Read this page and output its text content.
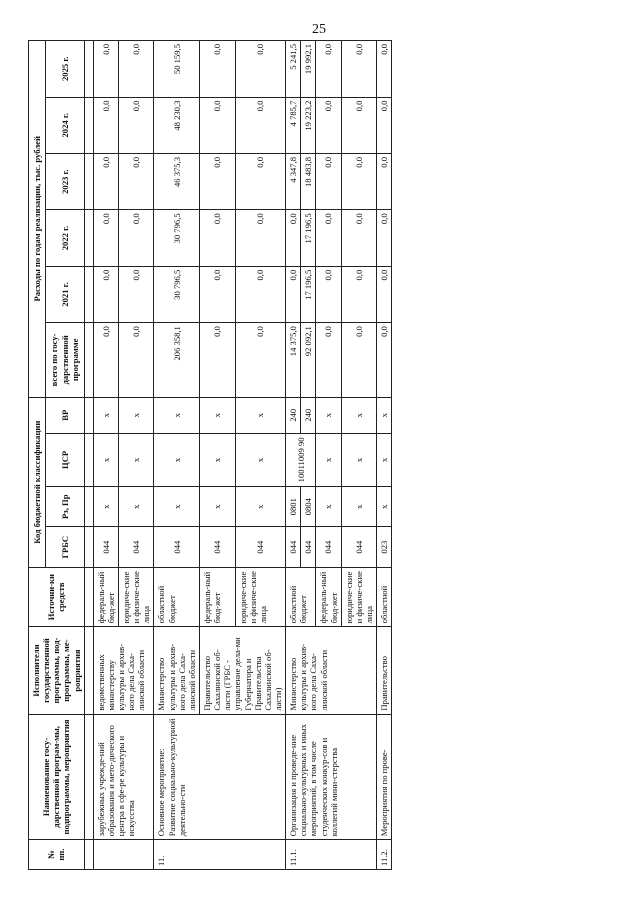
25
№ пп.	Наименование госу-дарственной програм-мы, подпрограммы, мероприятия	Исполнители государственной программы, под-программы, ме-роприятия	Источни-ки средств	Код бюджетной классификации				Расходы по годам реализации, тыс. рублей					
				ГРБС	Рз, Пр	ЦСР	ВР	всего по госу-дарственной программе	2021 г.	2022 г.	2023 г.	2024 г.	2025 г.

	зарубежных учрежде-ний образования и мето-дического центра в сфе-ре культуры и искусства	ведомственных министерству культуры и архив-ного дела Саха-линской области	федераль-ный бюд-жет	044	x	x	x	0,0	0,0	0,0	0,0	0,0	0,0
			юридиче-ские и физиче-ские лица	044	x	x	x	0,0	0,0	0,0	0,0	0,0	0,0
11.	Основное мероприятие: Развитие социально-культурной деятельно-сти	Министерство культуры и архив-ного дела Саха-линской области	областной бюджет	044	x	x	x	206 358,1	30 796,5	30 796,5	46 375,3	48 230,3	50 159,5
		Правительство Сахалинской об-ласти (ГРБС - управление дела-ми Губернатора и Правительства Сахалинской об-ласти)	федераль-ный бюд-жет	044	x	x	x	0,0	0,0	0,0	0,0	0,0	0,0
			юридиче-ские и физиче-ские лица	044	x	x	x	0,0	0,0	0,0	0,0	0,0	0,0
11.1.	Организация и проведе-ние социально-культурных и иных мероприятий, в том числе студенческих конкур-сов и коллегий мини-стерства	Министерство культуры и архив-ного дела Саха-линской области	областной бюджет	044	0801	10011009 90	240	14 375,0	0,0	0,0	4 347,8	4 785,7	5 241,5
				044	0804		240	92 092,1	17 196,5	17 196,5	18 483,8	19 223,2	19 992,1
			федераль-ный бюд-жет	044	x	x	x	0,0	0,0	0,0	0,0	0,0	0,0
			юридиче-ские и физиче-ские лица	044	x	x	x	0,0	0,0	0,0	0,0	0,0	0,0
11.2.	Мероприятия по прове-	Правительство	областной	023	x	x	x	0,0	0,0	0,0	0,0	0,0	0,0
